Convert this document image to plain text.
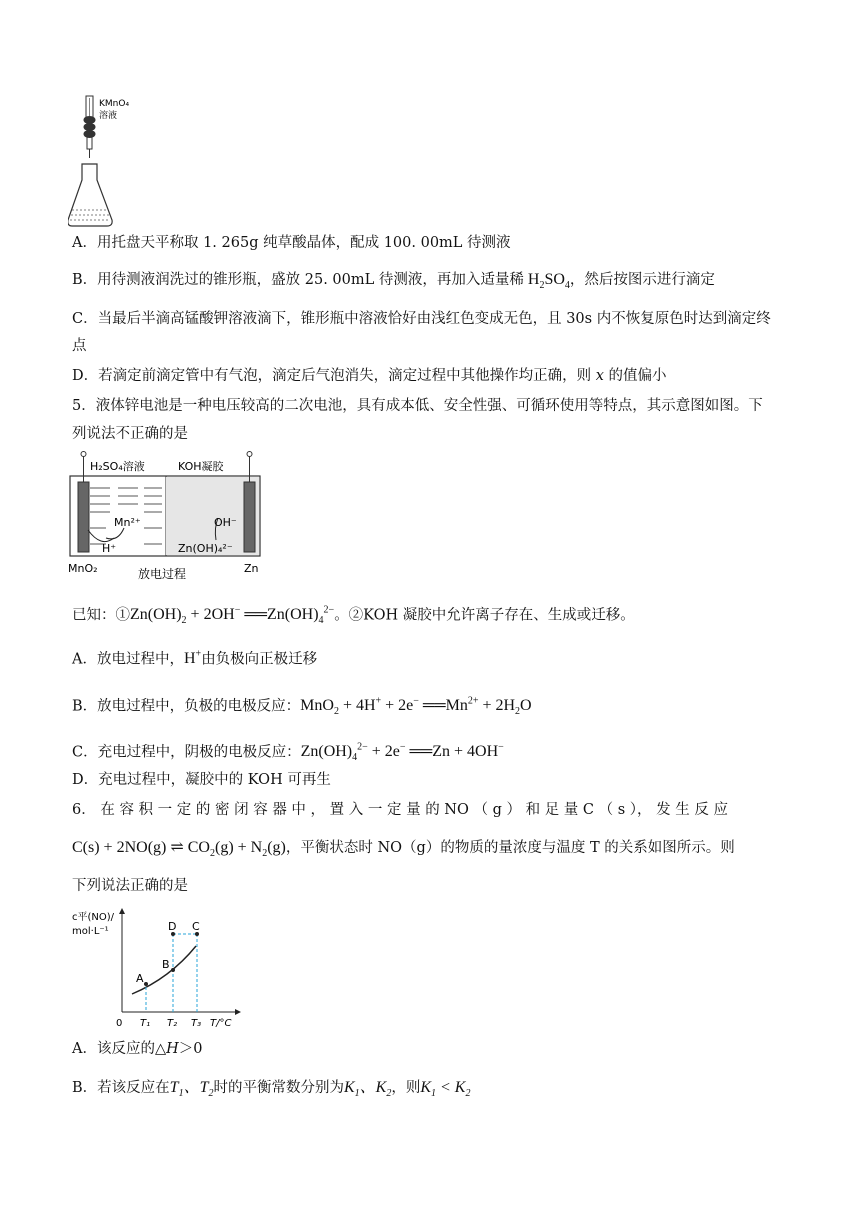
KMnO₄
溶液
A．用托盘天平称取 1. 265g 纯草酸晶体，配成 100. 00mL 待测液
B．用待测液润洗过的锥形瓶，盛放 25. 00mL 待测液，再加入适量稀 $H_2SO_4$，然后按图示进行滴定
C．当最后半滴高锰酸钾溶液滴下，锥形瓶中溶液恰好由浅红色变成无色，且 30s 内不恢复原色时达到滴定终
点
D．若滴定前滴定管中有气泡，滴定后气泡消失，滴定过程中其他操作均正确，则 x 的值偏小
5．液体锌电池是一种电压较高的二次电池，具有成本低、安全性强、可循环使用等特点，其示意图如图。下
列说法不正确的是
H₂SO₄溶液	KOH凝胶
Mn²⁺
H⁺
OH⁻
Zn(OH)₄²⁻
MnO₂	Zn
放电过程
已知：$①Zn(OH)_2 + 2OH^-$ $══Zn(OH)_4^{2-}$。②KOH 凝胶中允许离子存在、生成或迁移。
A．放电过程中，H+由负极向正极迁移
B．放电过程中，负极的电极反应：MnO$_2$ + 4H+ + 2e− $══Mn^{2+} + 2H_2O$
C．充电过程中，阴极的电极反应：$Zn(OH)_4^{2-} + 2e^-$ ══Zn + 4OH−
D．充电过程中，凝胶中的 KOH 可再生
6． 在 容 积 一 定 的 密 闭 容 器 中 ， 置 入 一 定 量 的 NO （ g ） 和 足 量 C （ s ）， 发 生 反 应
C(s) + 2NO(g) ⇌ $CO_2(g) + N_2(g)$，平衡状态时 NO（g）的物质的量浓度与温度 T 的关系如图所示。则
下列说法正确的是
c平(NO)/
mol·L⁻¹
A
B
D C
0 T₁ T₂ T₃ T/°C
A．该反应的△H＞0
B．若该反应在$T_1$、$T_2$时的平衡常数分别为$K_1$、$K_2$，则$K_1 < K_2$
